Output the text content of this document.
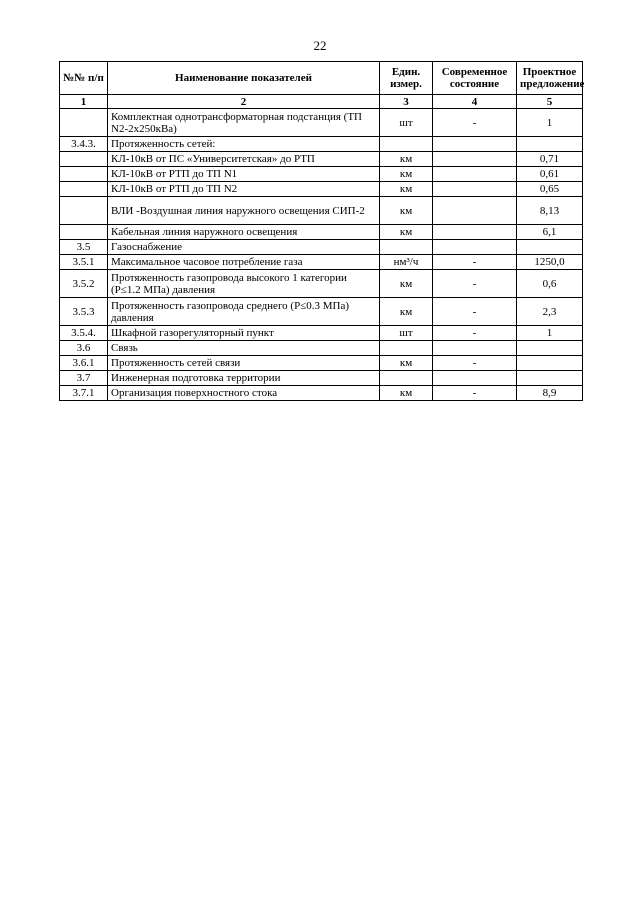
22
№№ п/п	Наименование показателей	Един. измер.	Современное состояние	Проектное предложение
1	2	3	4	5
	Комплектная однотрансформаторная подстанция (ТП N2-2х250кВа)	шт	-	1
3.4.3.	Протяженность сетей:			
	КЛ-10кВ от ПС «Университетская» до РТП	км		0,71
	КЛ-10кВ от РТП до ТП N1	км		0,61
	КЛ-10кВ от РТП до ТП N2	км		0,65
	ВЛИ -Воздушная линия наружного освещения СИП-2	км		8,13
	Кабельная линия наружного освещения	км		6,1
3.5	Газоснабжение			
3.5.1	Максимальное часовое потребление газа	нм³/ч	-	1250,0
3.5.2	Протяженность газопровода высокого 1 категории (Р≤1.2 МПа) давления	км	-	0,6
3.5.3	Протяженность газопровода среднего (Р≤0.3 МПа) давления	км	-	2,3
3.5.4.	Шкафной газорегуляторный пункт	шт	-	1
3.6	Связь			
3.6.1	Протяженность сетей связи	км	-	
3.7	Инженерная подготовка территории			
3.7.1	Организация поверхностного стока	км	-	8,9
